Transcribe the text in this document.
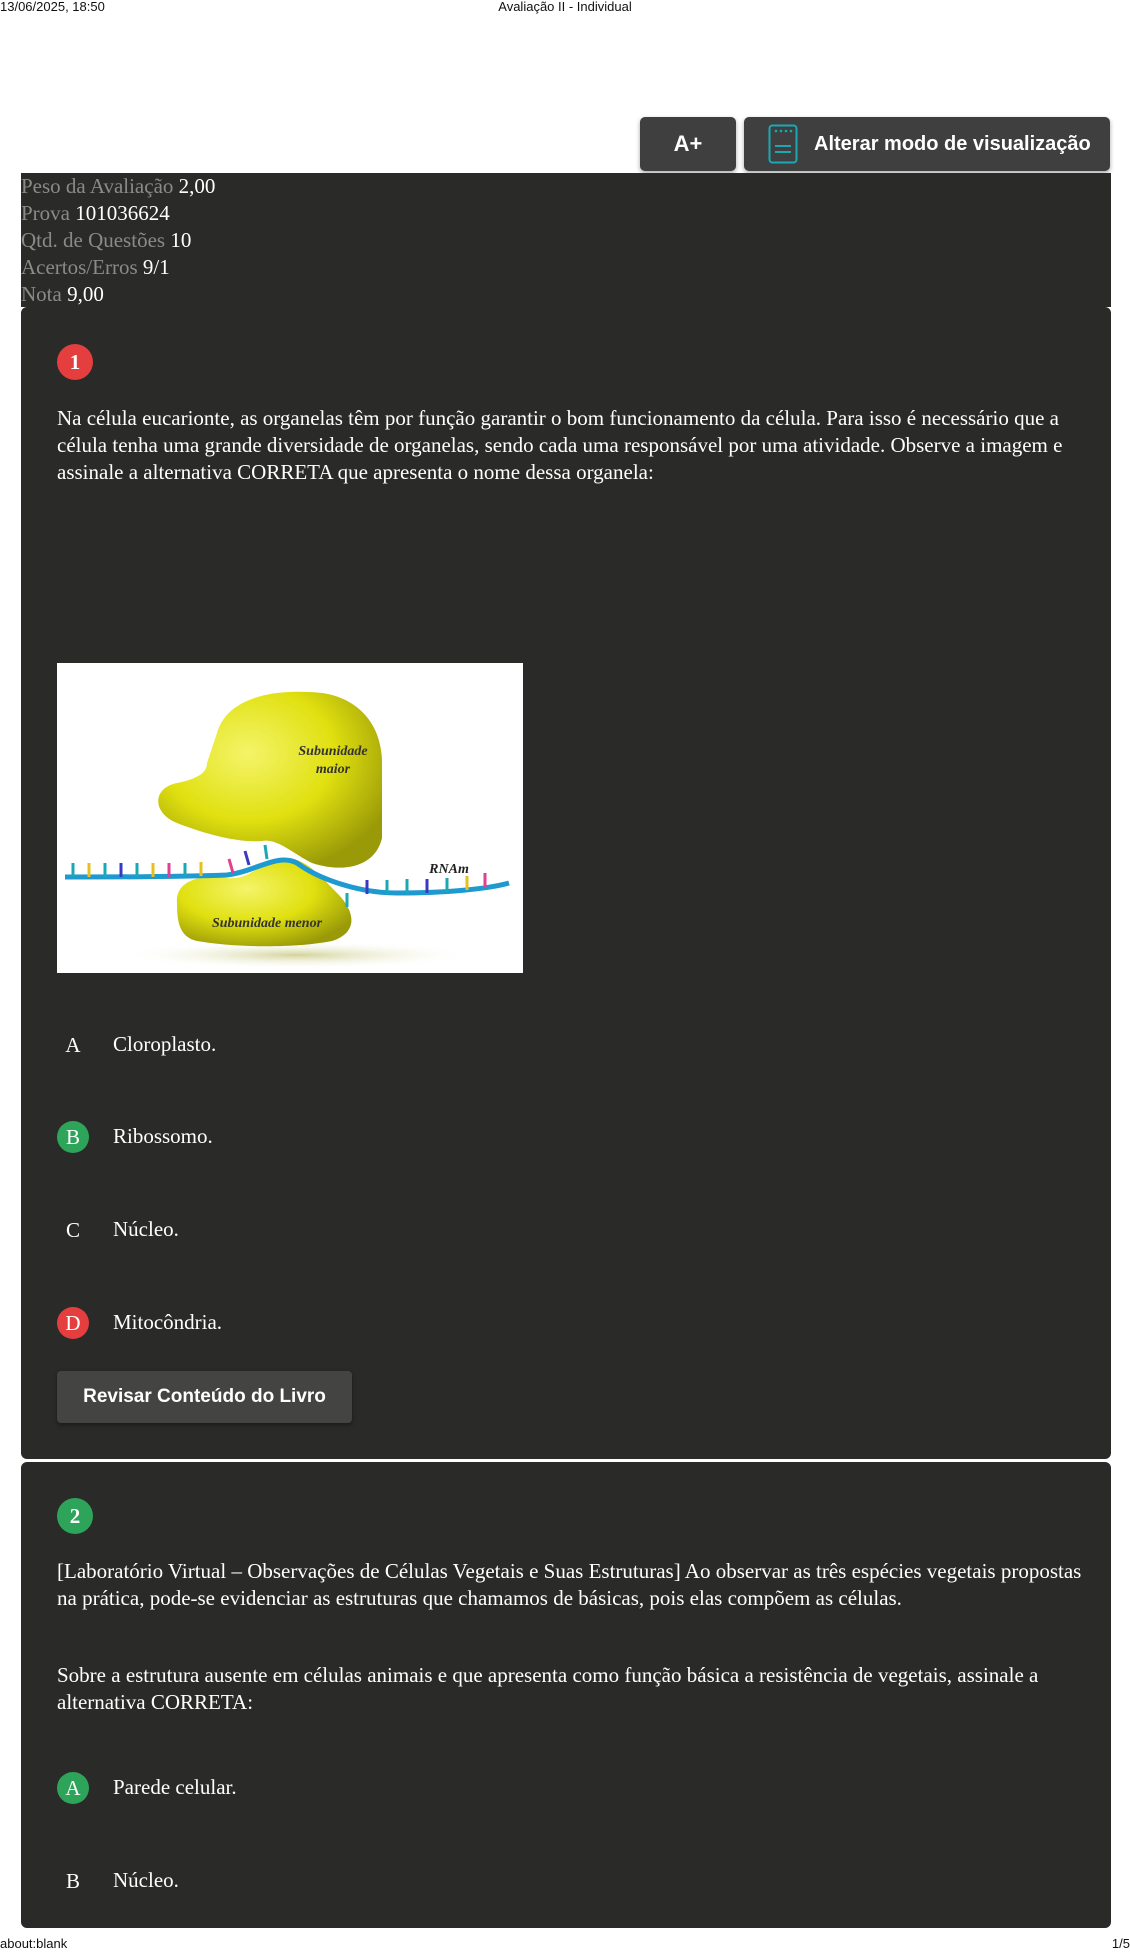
13/06/2025, 18:50	Avaliação II - Individual
A+	Alterar modo de visualização
Peso da Avaliação 2,00
Prova 101036624
Qtd. de Questões 10
Acertos/Erros 9/1
Nota 9,00
1

Na célula eucarionte, as organelas têm por função garantir o bom funcionamento da célula. Para isso é necessário que a célula tenha uma grande diversidade de organelas, sendo cada uma responsável por uma atividade. Observe a imagem e assinale a alternativa CORRETA que apresenta o nome dessa organela:

Subunidade
maior
RNAm
Subunidade menor
A	Cloroplasto.
B	Ribossomo.
C	Núcleo.
D	Mitocôndria.
Revisar Conteúdo do Livro
2

[Laboratório Virtual – Observações de Células Vegetais e Suas Estruturas] Ao observar as três espécies vegetais propostas na prática, pode-se evidenciar as estruturas que chamamos de básicas, pois elas compõem as células.

Sobre a estrutura ausente em células animais e que apresenta como função básica a resistência de vegetais, assinale a alternativa CORRETA:

A	Parede celular.
B	Núcleo.
about:blank	1/5
